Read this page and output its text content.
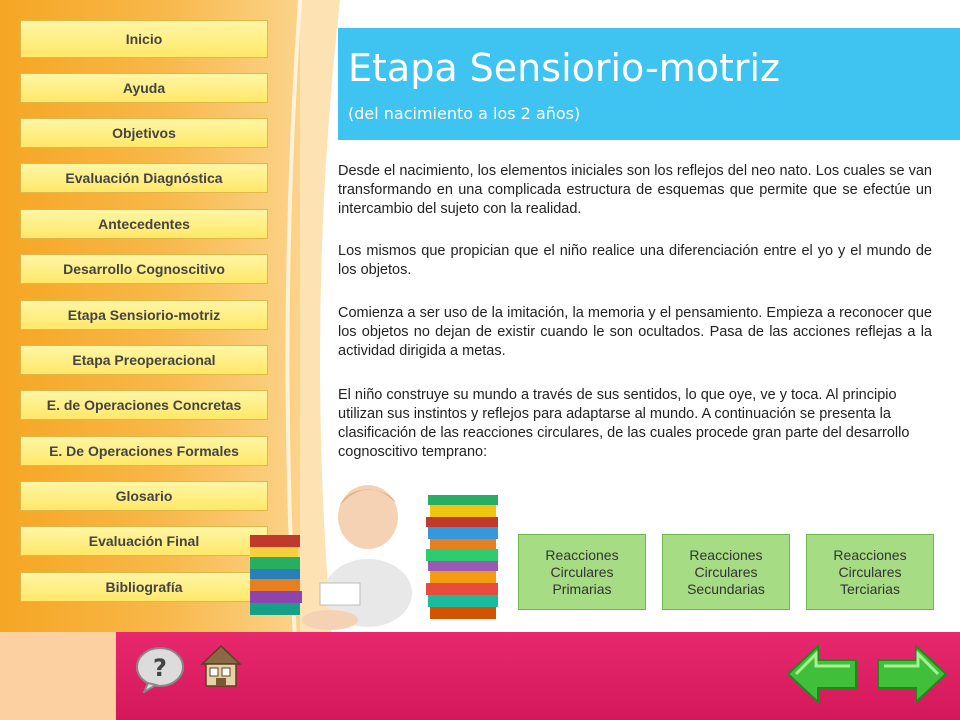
Inicio
Ayuda
Objetivos
Evaluación Diagnóstica
Antecedentes
Desarrollo Cognoscitivo
Etapa Sensiorio-motriz
Etapa Preoperacional
E. de Operaciones Concretas
E. De Operaciones Formales
Glosario
Evaluación Final
Bibliografía
Etapa Sensiorio-motriz
(del nacimiento a los 2 años)
Desde el nacimiento, los elementos iniciales son los reflejos del neo nato. Los cuales se van transformando en una complicada estructura de esquemas que permite que se efectúe un intercambio del sujeto con la realidad.
Los mismos que propician que el niño realice una diferenciación entre el yo y el mundo de los objetos.
Comienza a ser uso de la imitación, la memoria y el pensamiento. Empieza a reconocer que los objetos no dejan de existir cuando le son ocultados. Pasa de las acciones reflejas a la actividad dirigida a metas.
El niño construye su mundo a través de sus sentidos, lo que oye, ve y toca. Al principio utilizan sus instintos y reflejos para adaptarse al mundo. A continuación se presenta la clasificación de las reacciones circulares, de las cuales procede gran parte del desarrollo cognoscitivo temprano:
Reacciones
Circulares
Primarias
Reacciones
Circulares
Secundarias
Reacciones
Circulares
Terciarias
?
